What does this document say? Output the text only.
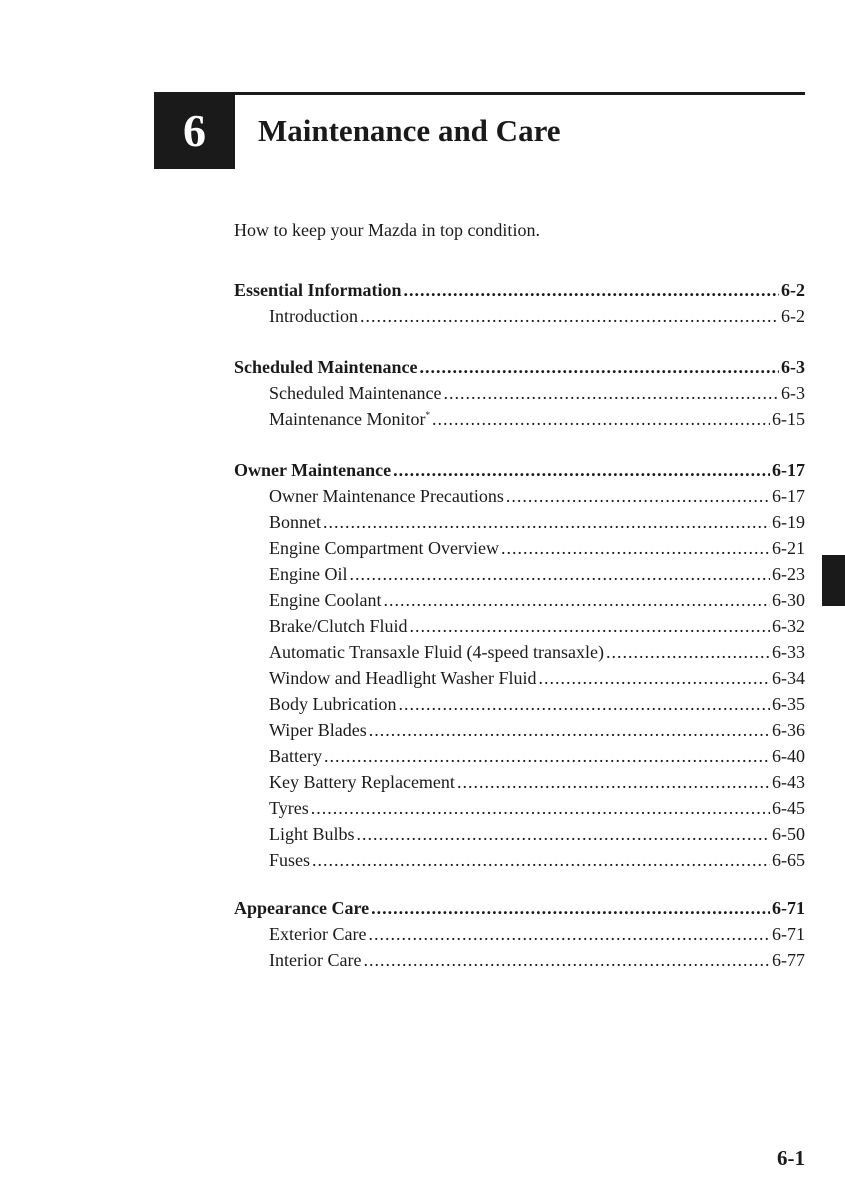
6 Maintenance and Care
How to keep your Mazda in top condition.
Essential Information .....	6-2
Introduction .....	6-2
Scheduled Maintenance .....	6-3
Scheduled Maintenance .....	6-3
Maintenance Monitor* .....	6-15
Owner Maintenance .....	6-17
Owner Maintenance Precautions .....	6-17
Bonnet .....	6-19
Engine Compartment Overview .....	6-21
Engine Oil .....	6-23
Engine Coolant .....	6-30
Brake/Clutch Fluid .....	6-32
Automatic Transaxle Fluid (4-speed transaxle) .....	6-33
Window and Headlight Washer Fluid .....	6-34
Body Lubrication .....	6-35
Wiper Blades .....	6-36
Battery .....	6-40
Key Battery Replacement .....	6-43
Tyres .....	6-45
Light Bulbs .....	6-50
Fuses .....	6-65
Appearance Care .....	6-71
Exterior Care .....	6-71
Interior Care .....	6-77
6-1
